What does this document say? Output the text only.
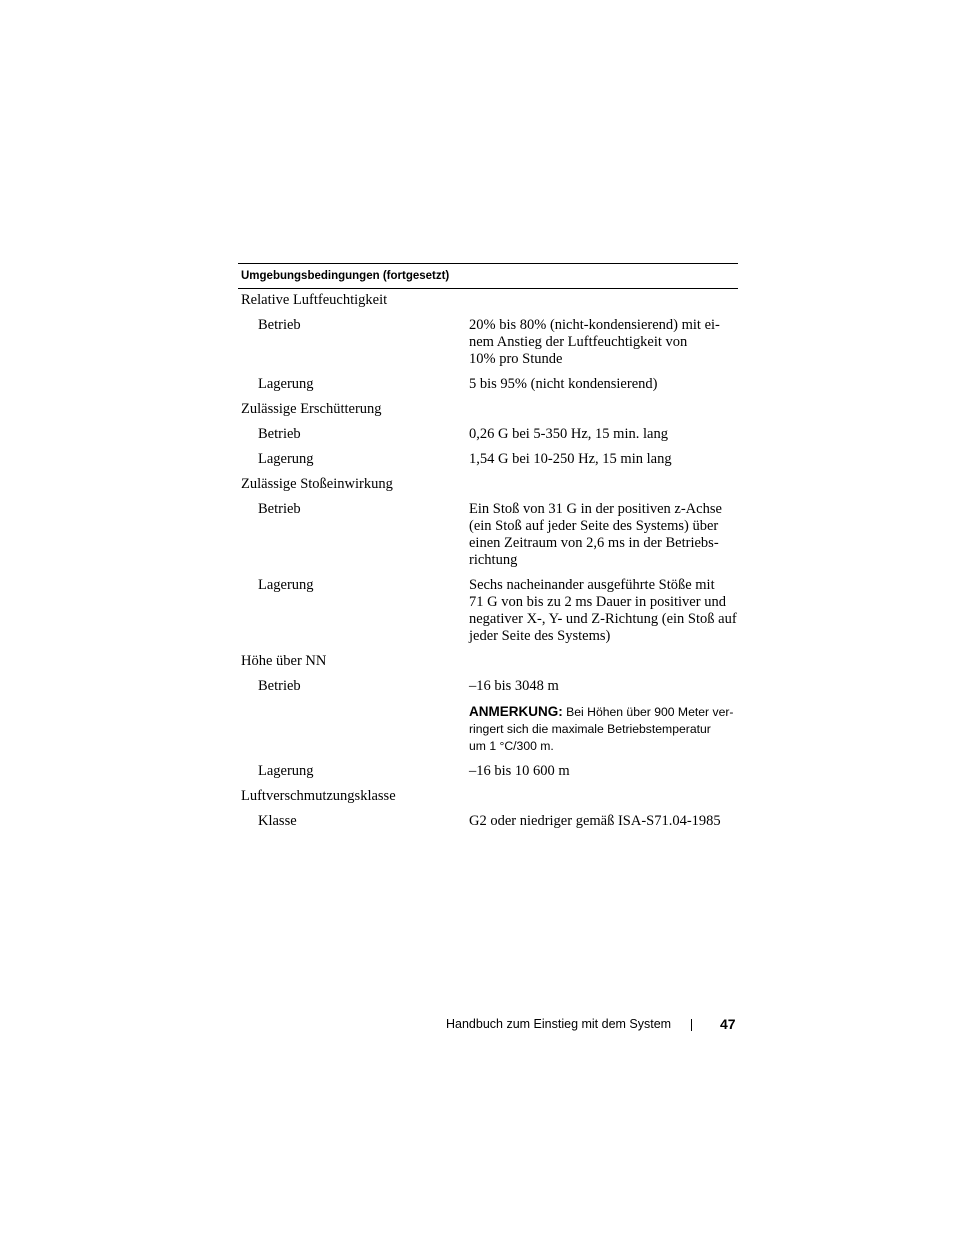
Umgebungsbedingungen (fortgesetzt)
Relative Luftfeuchtigkeit
Betrieb	20% bis 80% (nicht-kondensierend) mit ei-
nem Anstieg der Luftfeuchtigkeit von
10% pro Stunde
Lagerung	5 bis 95% (nicht kondensierend)
Zulässige Erschütterung
Betrieb	0,26 G bei 5-350 Hz, 15 min. lang
Lagerung	1,54 G bei 10-250 Hz, 15 min lang
Zulässige Stoßeinwirkung
Betrieb	Ein Stoß von 31 G in der positiven z-Achse
(ein Stoß auf jeder Seite des Systems) über
einen Zeitraum von 2,6 ms in der Betriebs-
richtung
Lagerung	Sechs nacheinander ausgeführte Stöße mit
71 G von bis zu 2 ms Dauer in positiver und
negativer X-, Y- und Z-Richtung (ein Stoß auf
jeder Seite des Systems)
Höhe über NN
Betrieb	–16 bis 3048 m
ANMERKUNG: Bei Höhen über 900 Meter ver-
ringert sich die maximale Betriebstemperatur
um 1 °C/300 m.
Lagerung	–16 bis 10 600 m
Luftverschmutzungsklasse
Klasse	G2 oder niedriger gemäß ISA-S71.04-1985
Handbuch zum Einstieg mit dem System	47
